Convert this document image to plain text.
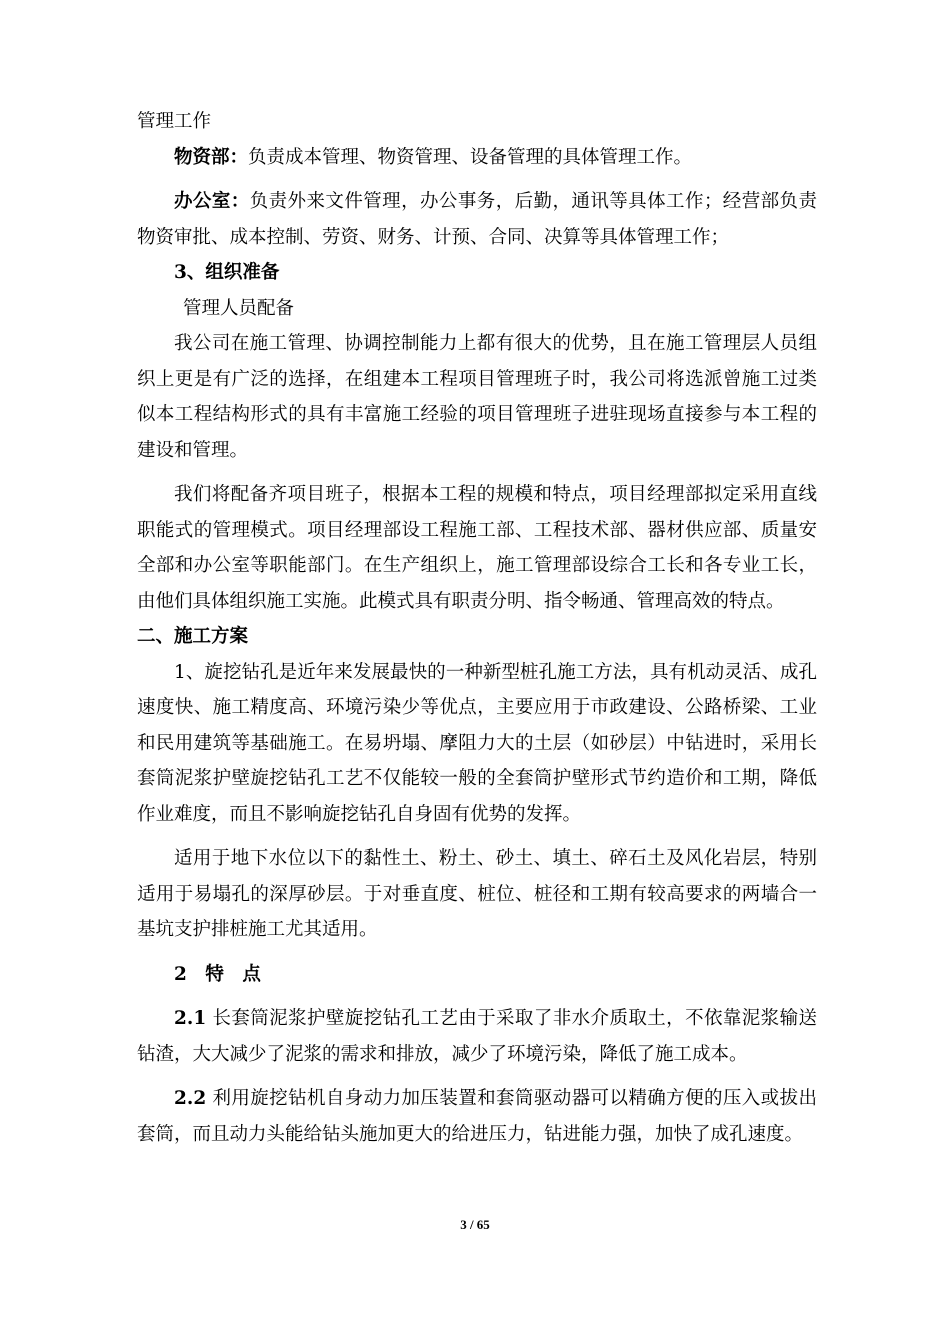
管理工作

物资部：负责成本管理、物资管理、设备管理的具体管理工作。

办公室：负责外来文件管理，办公事务，后勤，通讯等具体工作；经营部负责物资审批、成本控制、劳资、财务、计预、合同、决算等具体管理工作；

3、组织准备

管理人员配备

我公司在施工管理、协调控制能力上都有很大的优势，且在施工管理层人员组织上更是有广泛的选择，在组建本工程项目管理班子时，我公司将选派曾施工过类似本工程结构形式的具有丰富施工经验的项目管理班子进驻现场直接参与本工程的建设和管理。

我们将配备齐项目班子，根据本工程的规模和特点，项目经理部拟定采用直线职能式的管理模式。项目经理部设工程施工部、工程技术部、器材供应部、质量安全部和办公室等职能部门。在生产组织上，施工管理部设综合工长和各专业工长，由他们具体组织施工实施。此模式具有职责分明、指令畅通、管理高效的特点。

二、施工方案

1、旋挖钻孔是近年来发展最快的一种新型桩孔施工方法，具有机动灵活、成孔速度快、施工精度高、环境污染少等优点，主要应用于市政建设、公路桥梁、工业和民用建筑等基础施工。在易坍塌、摩阻力大的土层（如砂层）中钻进时，采用长套筒泥浆护壁旋挖钻孔工艺不仅能较一般的全套筒护壁形式节约造价和工期，降低作业难度，而且不影响旋挖钻孔自身固有优势的发挥。

适用于地下水位以下的黏性土、粉土、砂土、填土、碎石土及风化岩层，特别适用于易塌孔的深厚砂层。于对垂直度、桩位、桩径和工期有较高要求的两墙合一基坑支护排桩施工尤其适用。

2　特　点

2.1 长套筒泥浆护壁旋挖钻孔工艺由于采取了非水介质取土，不依靠泥浆输送钻渣，大大减少了泥浆的需求和排放，减少了环境污染，降低了施工成本。

2.2 利用旋挖钻机自身动力加压装置和套筒驱动器可以精确方便的压入或拔出套筒，而且动力头能给钻头施加更大的给进压力，钻进能力强，加快了成孔速度。

3 / 65
